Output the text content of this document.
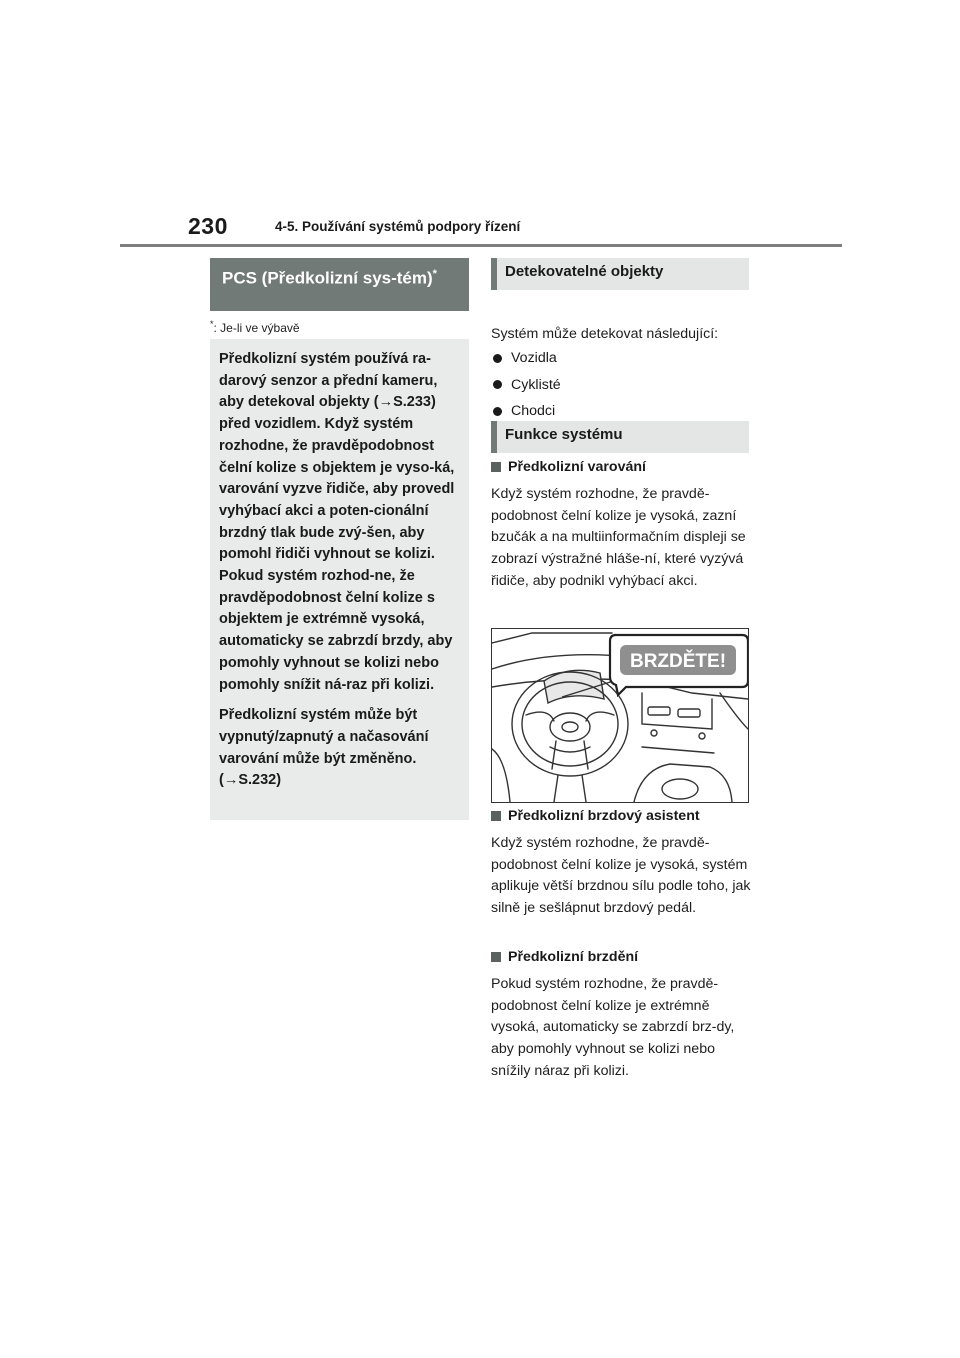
230	4-5. Používání systémů podpory řízení
PCS (Předkolizní sys-tém)*
*: Je-li ve výbavě

Předkolizní systém používá ra-darový senzor a přední kameru, aby detekoval objekty (→S.233) před vozidlem. Když systém rozhodne, že pravděpodobnost čelní kolize s objektem je vyso-ká, varování vyzve řidiče, aby provedl vyhýbací akci a poten-cionální brzdný tlak bude zvý-šen, aby pomohl řidiči vyhnout se kolizi. Pokud systém rozhod-ne, že pravděpodobnost čelní kolize s objektem je extrémně vysoká, automaticky se zabrzdí brzdy, aby pomohly vyhnout se kolizi nebo pomohly snížit ná-raz při kolizi.

Předkolizní systém může být vypnutý/zapnutý a načasování varování může být změněno. (→S.232)

Detekovatelné objekty
Systém může detekovat následující:
Vozidla
Cyklisté
Chodci
Funkce systému
Předkolizní varování
Když systém rozhodne, že pravdě-podobnost čelní kolize je vysoká, zazní bzučák a na multiinformačním displeji se zobrazí výstražné hláše-ní, které vyzývá řidiče, aby podnikl vyhýbací akci.
BRZDĚTE!
Předkolizní brzdový asistent
Když systém rozhodne, že pravdě-podobnost čelní kolize je vysoká, systém aplikuje větší brzdnou sílu podle toho, jak silně je sešlápnut brzdový pedál.
Předkolizní brzdění
Pokud systém rozhodne, že pravdě-podobnost čelní kolize je extrémně vysoká, automaticky se zabrzdí brz-dy, aby pomohly vyhnout se kolizi nebo snížily náraz při kolizi.
